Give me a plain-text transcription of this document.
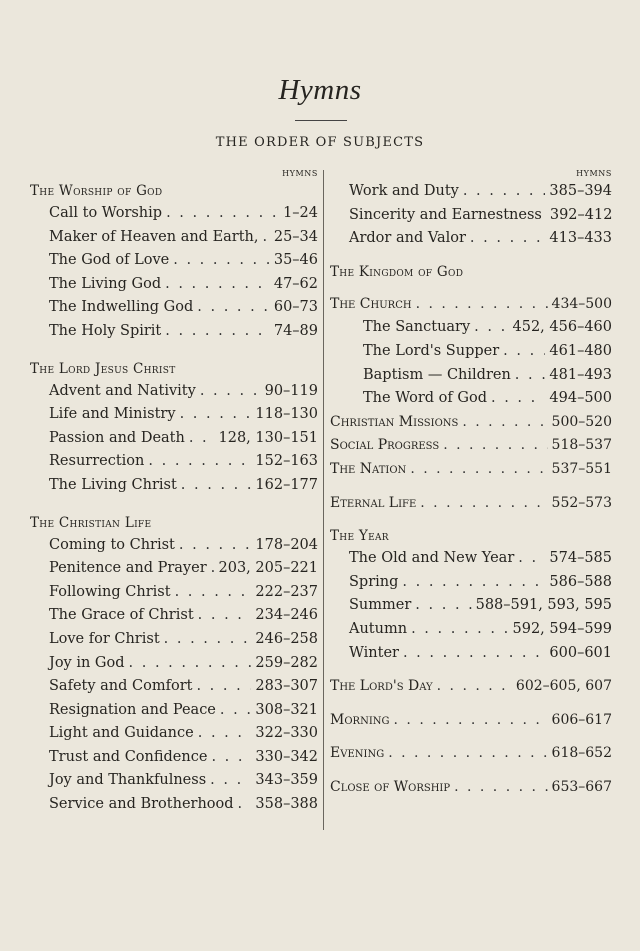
Hymns
THE ORDER OF SUBJECTS
HYMNS
The Worship of God
Call to Worship . . .	1–24
Maker of Heaven and Earth, . . . 25–34
The God of Love . . .	35–46
The Living God . . .	47–62
The Indwelling God . . .	60–73
The Holy Spirit . . .	74–89
The Lord Jesus Christ
Advent and Nativity . . .	90–119
Life and Ministry . . .	118–130
Passion and Death . . . 128, 130–151
Resurrection . . .	152–163
The Living Christ . . .	162–177
The Christian Life
Coming to Christ . . .	178–204
Penitence and Prayer . . . 203, 205–221
Following Christ . . .	222–237
The Grace of Christ . . .	234–246
Love for Christ . . .	246–258
Joy in God . . .	259–282
Safety and Comfort . . .	283–307
Resignation and Peace . . .	308–321
Light and Guidance . . .	322–330
Trust and Confidence . . .	330–342
Joy and Thankfulness . . .	343–359
Service and Brotherhood . . . 358–388
HYMNS
Work and Duty . . .	385–394
Sincerity and Earnestness . . . 392–412
Ardor and Valor . . .	413–433
The Kingdom of God
The Church . . .	434–500
The Sanctuary . . .	452, 456–460
The Lord's Supper . . .	461–480
Baptism — Children . . .	481–493
The Word of God . . .	494–500
Christian Missions . . .	500–520
Social Progress . . .	518–537
The Nation . . .	537–551
Eternal Life . . .	552–573
The Year
The Old and New Year . . . 574–585
Spring . . .	586–588
Summer . . .	588–591, 593, 595
Autumn . . .	592, 594–599
Winter . . .	600–601
The Lord's Day . . .	602–605, 607
Morning . . .	606–617
Evening . . .	618–652
Close of Worship . . .	653–667
